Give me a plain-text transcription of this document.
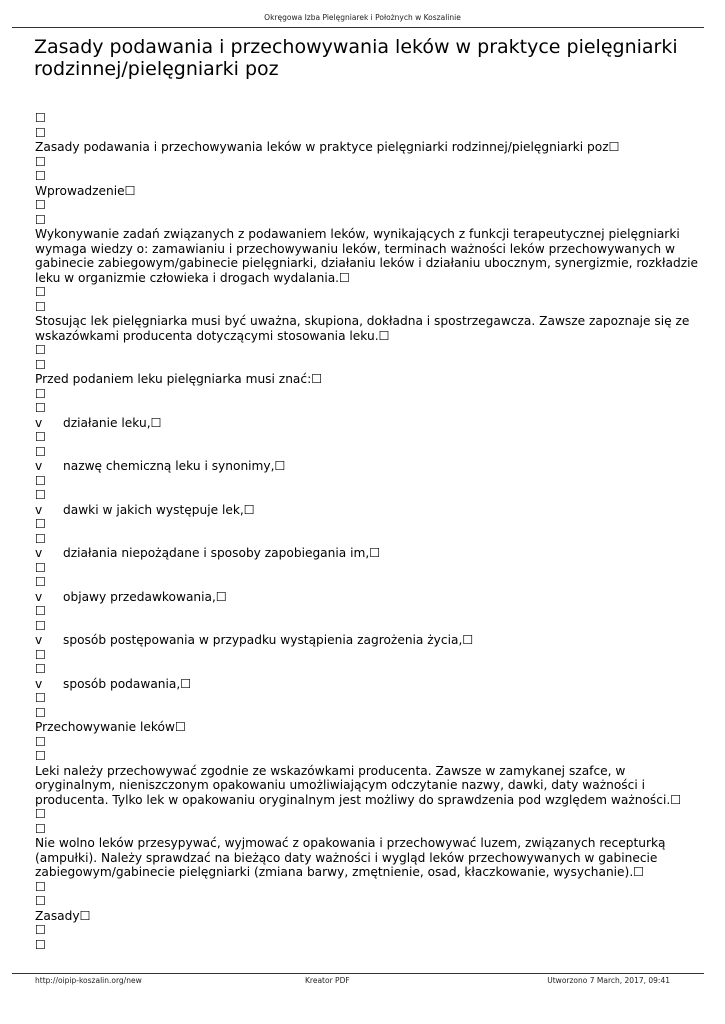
Okręgowa Izba Pielęgniarek i Położnych w Koszalinie
Zasady podawania i przechowywania leków w praktyce pielęgniarki rodzinnej/pielęgniarki poz

☐

☐

Zasady podawania i przechowywania leków w praktyce pielęgniarki rodzinnej/pielęgniarki poz☐

☐

☐

Wprowadzenie☐

☐

☐

Wykonywanie zadań związanych z podawaniem leków, wynikających z funkcji terapeutycznej pielęgniarki wymaga wiedzy o: zamawianiu i przechowywaniu leków, terminach ważności leków przechowywanych w gabinecie zabiegowym/gabinecie pielęgniarki, działaniu leków i działaniu ubocznym, synergizmie, rozkładzie leku w organizmie człowieka i drogach wydalania.☐

☐

☐

Stosując lek pielęgniarka musi być uważna, skupiona, dokładna i spostrzegawcza. Zawsze zapoznaje się ze wskazówkami producenta dotyczącymi stosowania leku.☐

☐

☐

Przed podaniem leku pielęgniarka musi znać:☐

☐

☐

v	działanie leku,☐

☐

☐

v	nazwę chemiczną leku i synonimy,☐

☐

☐

v	dawki w jakich występuje lek,☐

☐

☐

v	działania niepożądane i sposoby zapobiegania im,☐

☐

☐

v	objawy przedawkowania,☐

☐

☐

v	sposób postępowania w przypadku wystąpienia zagrożenia życia,☐

☐

☐

v	sposób podawania,☐

☐

☐

Przechowywanie leków☐

☐

☐

Leki należy przechowywać zgodnie ze wskazówkami producenta. Zawsze w zamykanej szafce, w oryginalnym, nieniszczonym opakowaniu umożliwiającym odczytanie nazwy, dawki, daty ważności i producenta. Tylko lek w opakowaniu oryginalnym jest możliwy do sprawdzenia pod względem ważności.☐

☐

☐

Nie wolno leków przesypywać, wyjmować z opakowania i przechowywać luzem, związanych recepturką (ampułki). Należy sprawdzać na bieżąco daty ważności i wygląd leków przechowywanych w gabinecie zabiegowym/gabinecie pielęgniarki (zmiana barwy, zmętnienie, osad, kłaczkowanie, wysychanie).☐

☐

☐

Zasady☐

☐

☐

http://oipip-koszalin.org/new	Kreator PDF	Utworzono 7 March, 2017, 09:41
